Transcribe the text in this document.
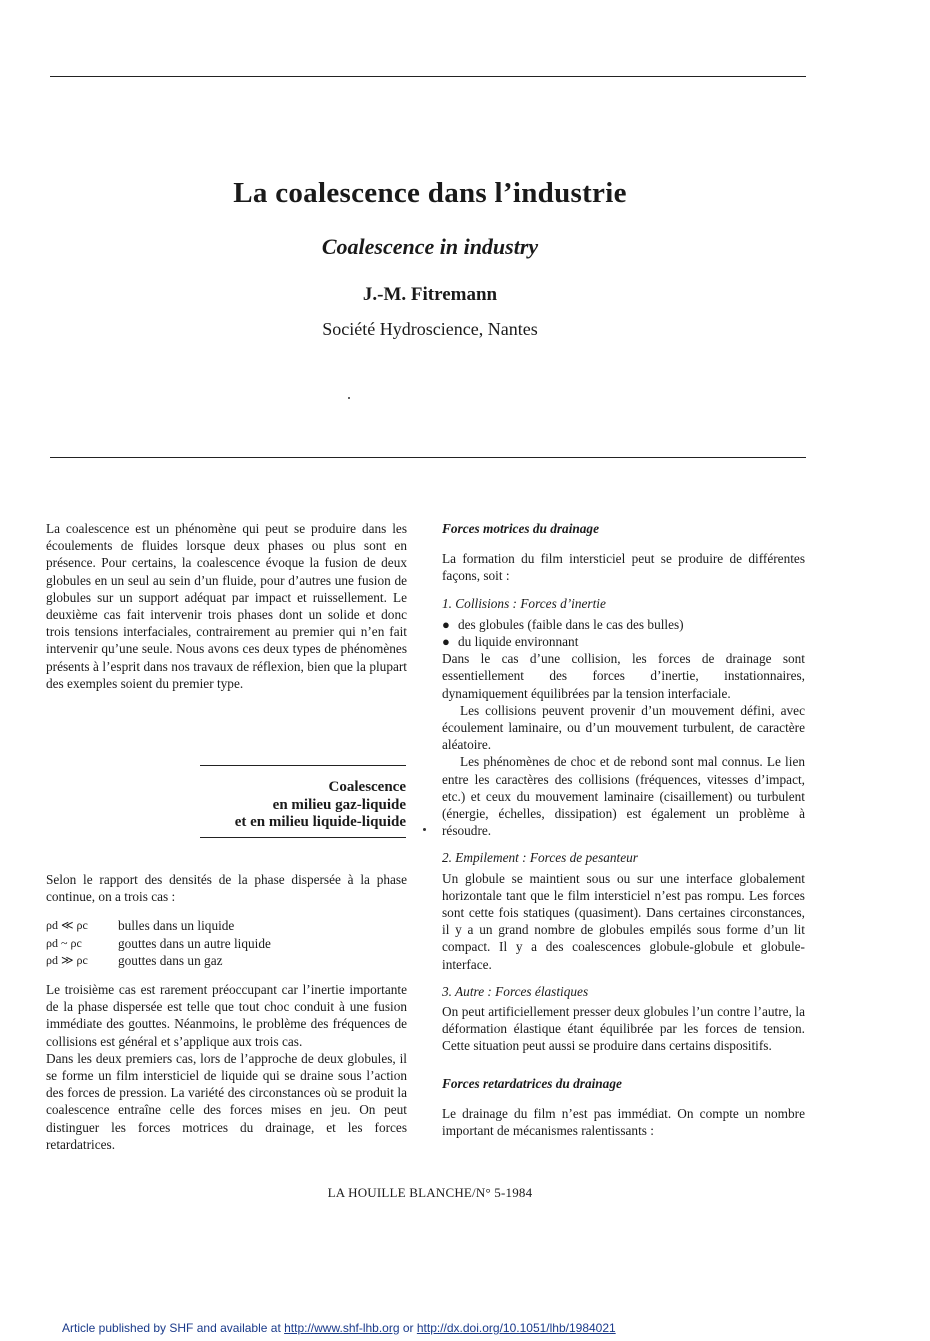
La coalescence dans l’industrie
Coalescence in industry
J.-M. Fitremann
Société Hydroscience, Nantes

La coalescence est un phénomène qui peut se produire dans les écoulements de fluides lorsque deux phases ou plus sont en présence. Pour certains, la coalescence évoque la fusion de deux globules en un seul au sein d’un fluide, pour d’autres une fusion de globules sur un support adéquat par impact et ruissellement. Le deuxième cas fait intervenir trois phases dont un solide et donc trois tensions interfaciales, contrairement au premier qui n’en fait intervenir qu’une seule. Nous avons ces deux types de phénomènes présents à l’esprit dans nos travaux de réflexion, bien que la plupart des exemples soient du premier type.

Coalescence
en milieu gaz-liquide
et en milieu liquide-liquide

Selon le rapport des densités de la phase dispersée à la phase continue, on a trois cas :

ρd ≪ ρc	bulles dans un liquide
ρd ~ ρc	gouttes dans un autre liquide
ρd ≫ ρc	gouttes dans un gaz

Le troisième cas est rarement préoccupant car l’inertie importante de la phase dispersée est telle que tout choc conduit à une fusion immédiate des gouttes. Néanmoins, le problème des fréquences de collisions est général et s’applique aux trois cas.

Dans les deux premiers cas, lors de l’approche de deux globules, il se forme un film intersticiel de liquide qui se draine sous l’action des forces de pression. La variété des circonstances où se produit la coalescence entraîne celle des forces mises en jeu. On peut distinguer les forces motrices du drainage, et les forces retardatrices.

Forces motrices du drainage

La formation du film intersticiel peut se produire de différentes façons, soit :

1. Collisions : Forces d’inertie

● des globules (faible dans le cas des bulles)
● du liquide environnant

Dans le cas d’une collision, les forces de drainage sont essentiellement des forces d’inertie, instationnaires, dynamiquement équilibrées par la tension interfaciale.

Les collisions peuvent provenir d’un mouvement défini, avec écoulement laminaire, ou d’un mouvement turbulent, de caractère aléatoire.

Les phénomènes de choc et de rebond sont mal connus. Le lien entre les caractères des collisions (fréquences, vitesses d’impact, etc.) et ceux du mouvement laminaire (cisaillement) ou turbulent (énergie, échelles, dissipation) est également un problème à résoudre.

2. Empilement : Forces de pesanteur

Un globule se maintient sous ou sur une interface globalement horizontale tant que le film intersticiel n’est pas rompu. Les forces sont cette fois statiques (quasiment). Dans certaines circonstances, il y a un grand nombre de globules empilés sous forme d’un lit compact. Il y a des coalescences globule-globule et globule-interface.

3. Autre : Forces élastiques

On peut artificiellement presser deux globules l’un contre l’autre, la déformation élastique étant équilibrée par les forces de tension. Cette situation peut aussi se produire dans certains dispositifs.

Forces retardatrices du drainage

Le drainage du film n’est pas immédiat. On compte un nombre important de mécanismes ralentissants :

LA HOUILLE BLANCHE/N° 5-1984
Article published by SHF and available at http://www.shf-lhb.org or http://dx.doi.org/10.1051/lhb/1984021
